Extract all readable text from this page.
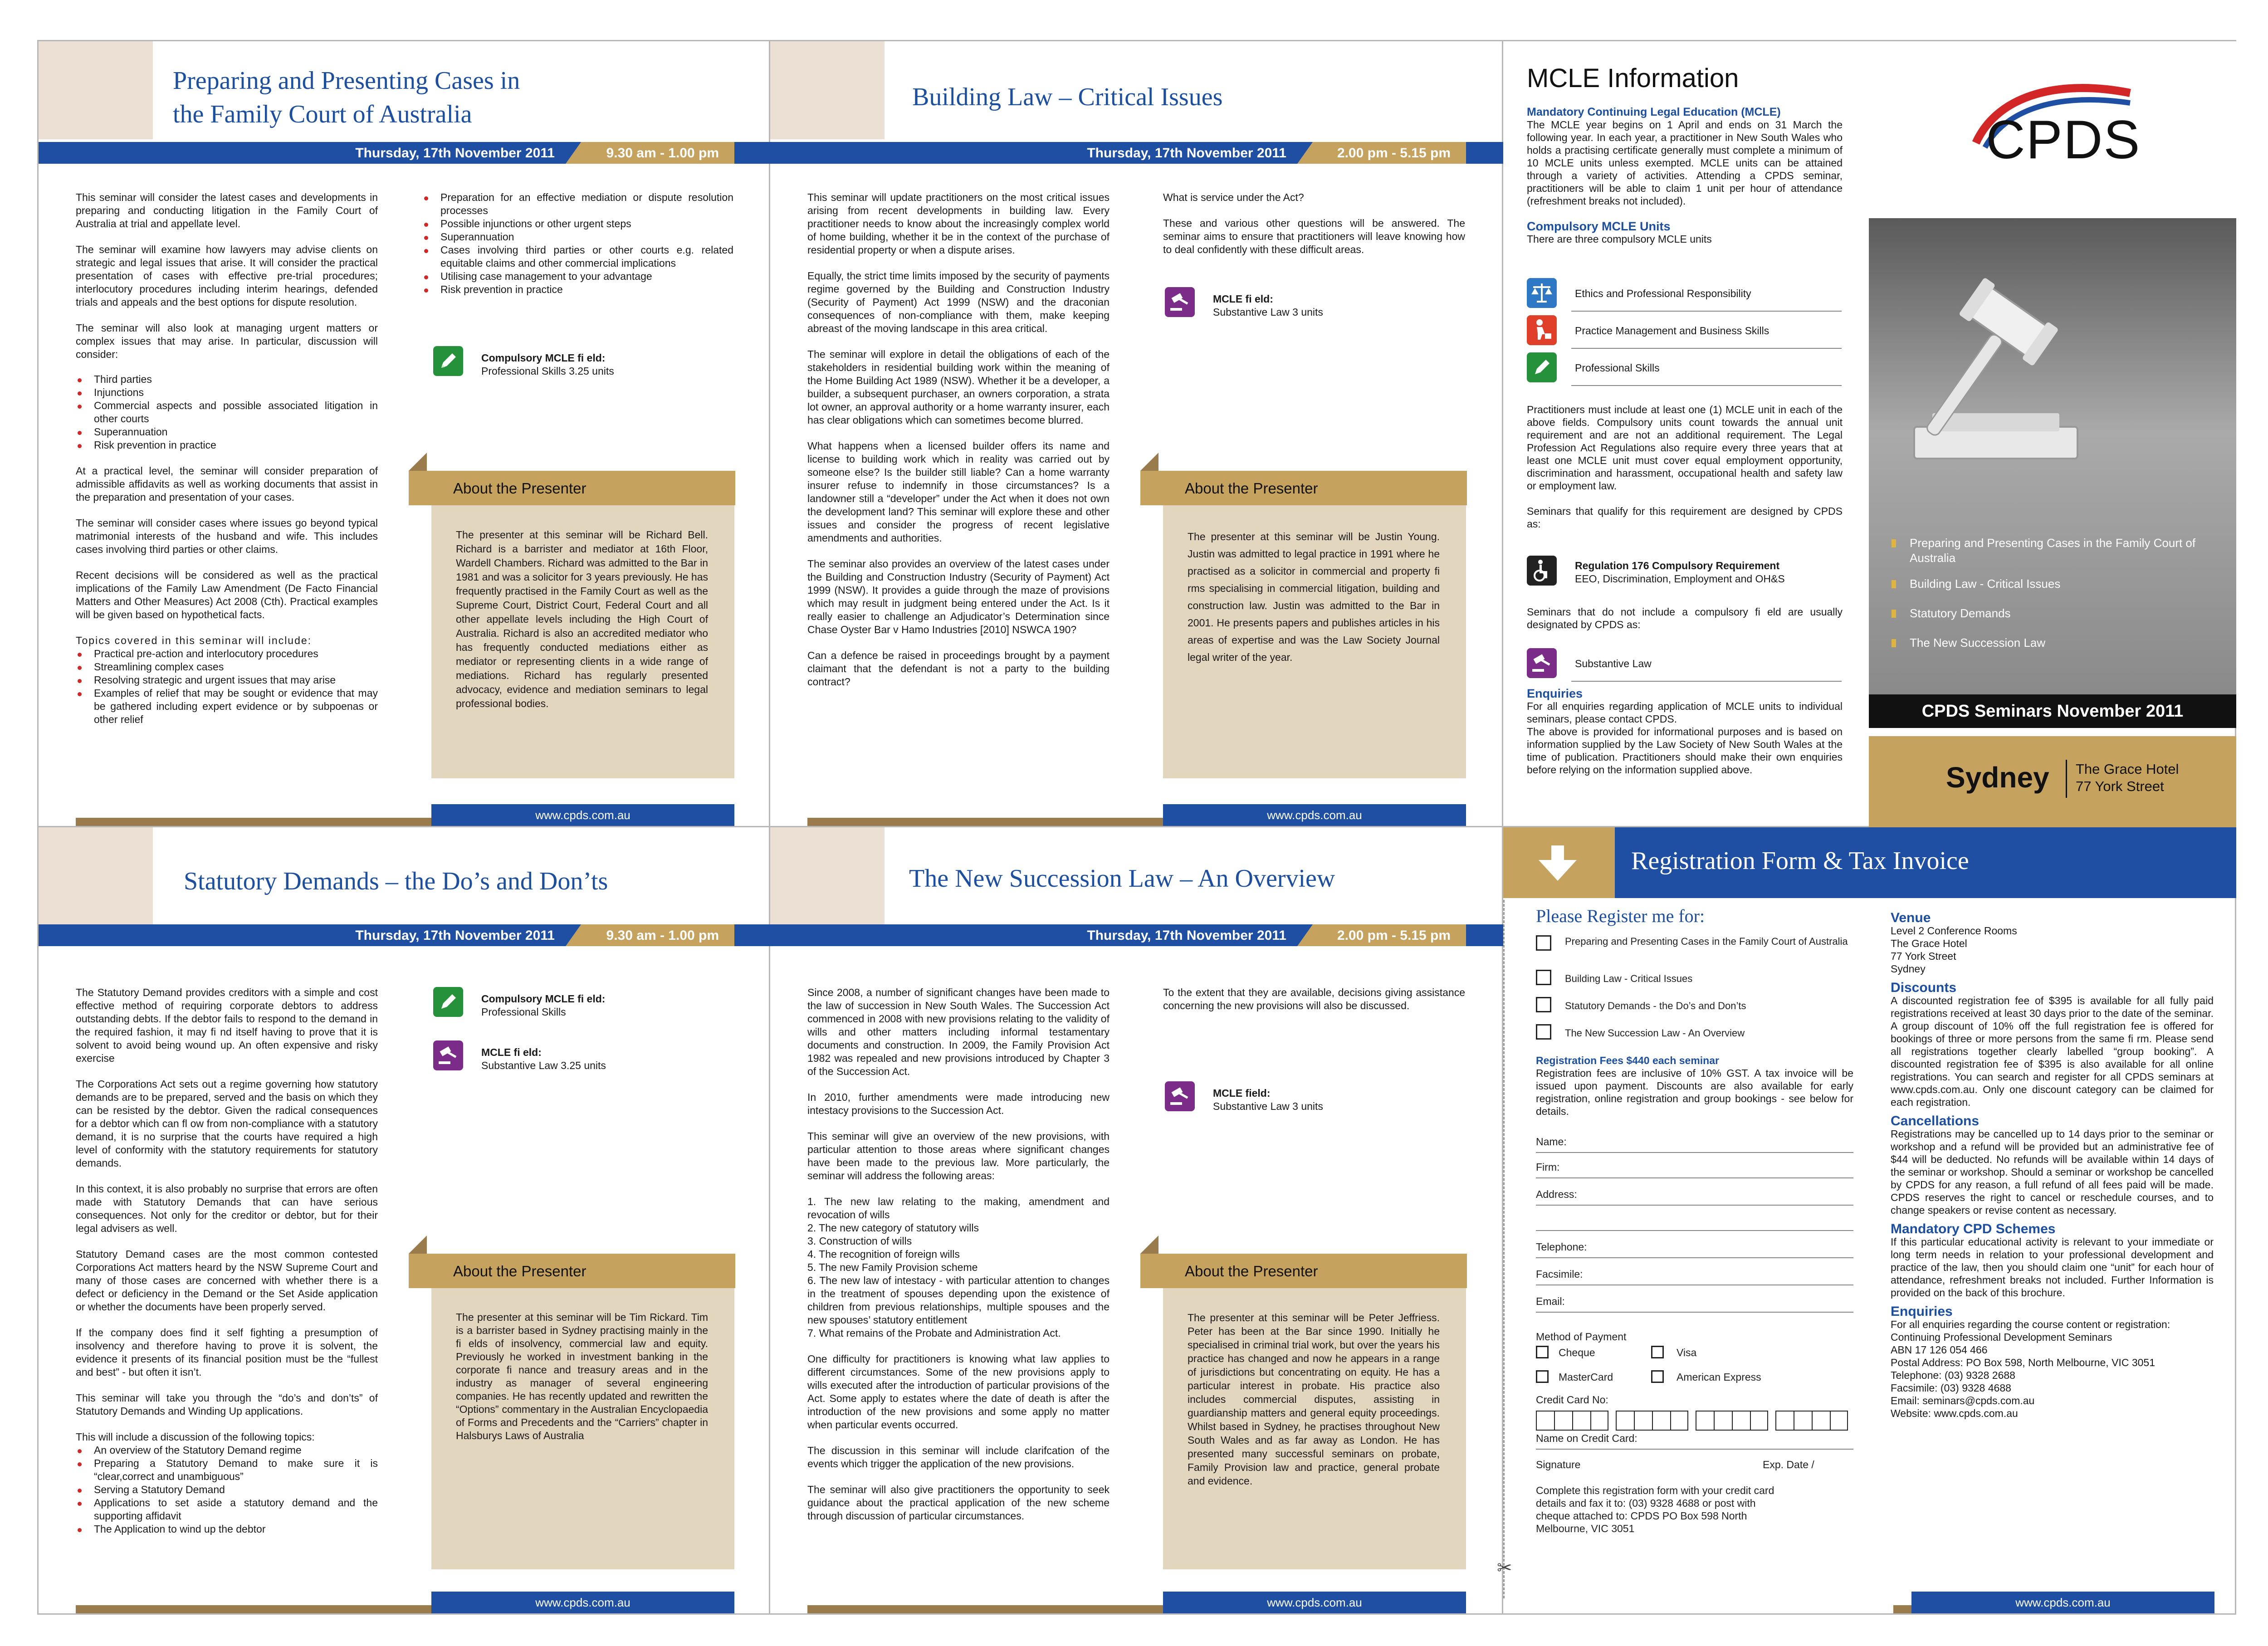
Preparing and Presenting Cases in
the Family Court of Australia
Thursday, 17th November 2011	9.30 am - 1.00 pm

This seminar will consider the latest cases and developments in preparing and conducting litigation in the Family Court of Australia at trial and appellate level.

The seminar will examine how lawyers may advise clients on strategic and legal issues that arise. It will consider the practical presentation of cases with effective pre-trial procedures; interlocutory procedures including interim hearings, defended trials and appeals and the best options for dispute resolution.

The seminar will also look at managing urgent matters or complex issues that may arise. In particular, discussion will consider:

Third parties
Injunctions
Commercial aspects and possible associated litigation in other courts
Superannuation
Risk prevention in practice

At a practical level, the seminar will consider preparation of admissible affidavits as well as working documents that assist in the preparation and presentation of your cases.

The seminar will consider cases where issues go beyond typical matrimonial interests of the husband and wife. This includes cases involving third parties or other claims.

Recent decisions will be considered as well as the practical implications of the Family Law Amendment (De Facto Financial Matters and Other Measures) Act 2008 (Cth). Practical examples will be given based on hypothetical facts.

Topics covered in this seminar will include:

Practical pre-action and interlocutory procedures
Streamlining complex cases
Resolving strategic and urgent issues that may arise
Examples of relief that may be sought or evidence that may be gathered including expert evidence or by subpoenas or other relief
Preparation for an effective mediation or dispute resolution processes
Possible injunctions or other urgent steps
Superannuation
Cases involving third parties or other courts e.g. related equitable claims and other commercial implications
Utilising case management to your advantage
Risk prevention in practice
Compulsory MCLE fi eld:
Professional Skills 3.25 units
About the Presenter
The presenter at this seminar will be Richard Bell. Richard is a barrister and mediator at 16th Floor, Wardell Chambers. Richard was admitted to the Bar in 1981 and was a solicitor for 3 years previously. He has frequently practised in the Family Court as well as the Supreme Court, District Court, Federal Court and all other appellate levels including the High Court of Australia. Richard is also an accredited mediator who has frequently conducted mediations either as mediator or representing clients in a wide range of mediations. Richard has regularly presented advocacy, evidence and mediation seminars to legal professional bodies.
www.cpds.com.au
Building Law – Critical Issues
Thursday, 17th November 2011	2.00 pm - 5.15 pm

This seminar will update practitioners on the most critical issues arising from recent developments in building law. Every practitioner needs to know about the increasingly complex world of home building, whether it be in the context of the purchase of residential property or when a dispute arises.

Equally, the strict time limits imposed by the security of payments regime governed by the Building and Construction Industry (Security of Payment) Act 1999 (NSW) and the draconian consequences of non-compliance with them, make keeping abreast of the moving landscape in this area critical.

The seminar will explore in detail the obligations of each of the stakeholders in residential building work within the meaning of the Home Building Act 1989 (NSW). Whether it be a developer, a builder, a subsequent purchaser, an owners corporation, a strata lot owner, an approval authority or a home warranty insurer, each has clear obligations which can sometimes become blurred.

What happens when a licensed builder offers its name and license to building work which in reality was carried out by someone else? Is the builder still liable? Can a home warranty insurer refuse to indemnify in those circumstances? Is a landowner still a “developer” under the Act when it does not own the development land? This seminar will explore these and other issues and consider the progress of recent legislative amendments and authorities.

The seminar also provides an overview of the latest cases under the Building and Construction Industry (Security of Payment) Act 1999 (NSW). It provides a guide through the maze of provisions which may result in judgment being entered under the Act. Is it really easier to challenge an Adjudicator’s Determination since Chase Oyster Bar v Hamo Industries [2010] NSWCA 190?

Can a defence be raised in proceedings brought by a payment claimant that the defendant is not a party to the building contract?

What is service under the Act?

These and various other questions will be answered. The seminar aims to ensure that practitioners will leave knowing how to deal confidently with these difficult areas.

MCLE fi eld:
Substantive Law 3 units
About the Presenter
The presenter at this seminar will be Justin Young. Justin was admitted to legal practice in 1991 where he practised as a solicitor in commercial and property fi rms specialising in commercial litigation, building and construction law. Justin was admitted to the Bar in 2001. He presents papers and publishes articles in his areas of expertise and was the Law Society Journal legal writer of the year.
www.cpds.com.au
MCLE Information
Mandatory Continuing Legal Education (MCLE)

The MCLE year begins on 1 April and ends on 31 March the following year. In each year, a practitioner in New South Wales who holds a practising certificate generally must complete a minimum of 10 MCLE units unless exempted. MCLE units can be attained through a variety of activities. Attending a CPDS seminar, practitioners will be able to claim 1 unit per hour of attendance (refreshment breaks not included).

Compulsory MCLE Units
There are three compulsory MCLE units
Ethics and Professional Responsibility
Practice Management and Business Skills
Professional Skills

Practitioners must include at least one (1) MCLE unit in each of the above fields. Compulsory units count towards the annual unit requirement and are not an additional requirement. The Legal Profession Act Regulations also require every three years that at least one MCLE unit must cover equal employment opportunity, discrimination and harassment, occupational health and safety law or employment law.

Seminars that qualify for this requirement are designed by CPDS as:

Regulation 176 Compulsory Requirement
EEO, Discrimination, Employment and OH&S
Seminars that do not include a compulsory fi eld are usually designated by CPDS as:
Substantive Law
Enquiries
For all enquiries regarding application of MCLE units to individual seminars, please contact CPDS.
The above is provided for informational purposes and is based on information supplied by the Law Society of New South Wales at the time of publication. Practitioners should make their own enquiries before relying on the information supplied above.
CPDS
Preparing and Presenting Cases in the Family Court of Australia
Building Law - Critical Issues
Statutory Demands
The New Succession Law
CPDS Seminars November 2011
Sydney The Grace Hotel
77 York Street
Statutory Demands – the Do’s and Don’ts
Thursday, 17th November 2011	9.30 am - 1.00 pm

The Statutory Demand provides creditors with a simple and cost effective method of requiring corporate debtors to address outstanding debts. If the debtor fails to respond to the demand in the required fashion, it may fi nd itself having to prove that it is solvent to avoid being wound up. An often expensive and risky exercise

The Corporations Act sets out a regime governing how statutory demands are to be prepared, served and the basis on which they can be resisted by the debtor. Given the radical consequences for a debtor which can fl ow from non-compliance with a statutory demand, it is no surprise that the courts have required a high level of conformity with the statutory requirements for statutory demands.

In this context, it is also probably no surprise that errors are often made with Statutory Demands that can have serious consequences. Not only for the creditor or debtor, but for their legal advisers as well.

Statutory Demand cases are the most common contested Corporations Act matters heard by the NSW Supreme Court and many of those cases are concerned with whether there is a defect or deficiency in the Demand or the Set Aside application or whether the documents have been properly served.

If the company does find it self fighting a presumption of insolvency and therefore having to prove it is solvent, the evidence it presents of its financial position must be the “fullest and best” - but often it isn’t.

This seminar will take you through the “do’s and don’ts” of Statutory Demands and Winding Up applications.

This will include a discussion of the following topics:

An overview of the Statutory Demand regime
Preparing a Statutory Demand to make sure it is “clear,correct and unambiguous”
Serving a Statutory Demand
Applications to set aside a statutory demand and the supporting affidavit
The Application to wind up the debtor
Compulsory MCLE fi eld:
Professional Skills
MCLE fi eld:
Substantive Law 3.25 units
About the Presenter
The presenter at this seminar will be Tim Rickard. Tim is a barrister based in Sydney practising mainly in the fi elds of insolvency, commercial law and equity. Previously he worked in investment banking in the corporate fi nance and treasury areas and in the industry as manager of several engineering companies. He has recently updated and rewritten the “Options” commentary in the Australian Encyclopaedia of Forms and Precedents and the “Carriers” chapter in Halsburys Laws of Australia
www.cpds.com.au
The New Succession Law – An Overview
Thursday, 17th November 2011	2.00 pm - 5.15 pm

Since 2008, a number of significant changes have been made to the law of succession in New South Wales. The Succession Act commenced in 2008 with new provisions relating to the validity of wills and other matters including informal testamentary documents and construction. In 2009, the Family Provision Act 1982 was repealed and new provisions introduced by Chapter 3 of the Succession Act.

In 2010, further amendments were made introducing new intestacy provisions to the Succession Act.

This seminar will give an overview of the new provisions, with particular attention to those areas where significant changes have been made to the previous law. More particularly, the seminar will address the following areas:

1. The new law relating to the making, amendment and revocation of wills
2. The new category of statutory wills
3. Construction of wills
4. The recognition of foreign wills
5. The new Family Provision scheme
6. The new law of intestacy - with particular attention to changes in the treatment of spouses depending upon the existence of children from previous relationships, multiple spouses and the new spouses’ statutory entitlement
7. What remains of the Probate and Administration Act.

One difficulty for practitioners is knowing what law applies to different circumstances. Some of the new provisions apply to wills executed after the introduction of particular provisions of the Act. Some apply to estates where the date of death is after the introduction of the new provisions and some apply no matter when particular events occurred.

The discussion in this seminar will include clarifcation of the events which trigger the application of the new provisions.

The seminar will also give practitioners the opportunity to seek guidance about the practical application of the new scheme through discussion of particular circumstances.

To the extent that they are available, decisions giving assistance concerning the new provisions will also be discussed.
MCLE field:
Substantive Law 3 units
About the Presenter
The presenter at this seminar will be Peter Jeffriess. Peter has been at the Bar since 1990. Initially he specialised in criminal trial work, but over the years his practice has changed and now he appears in a range of jurisdictions but concentrating on equity. He has a particular interest in probate. His practice also includes commercial disputes, assisting in guardianship matters and general equity proceedings. Whilst based in Sydney, he practises throughout New South Wales and as far away as London. He has presented many successful seminars on probate, Family Provision law and practice, general probate and evidence.
www.cpds.com.au
Registration Form & Tax Invoice
✂
Please Register me for:
Preparing and Presenting Cases in the Family Court of Australia
Building Law - Critical Issues
Statutory Demands - the Do’s and Don’ts
The New Succession Law - An Overview
Registration Fees $440 each seminar
Registration fees are inclusive of 10% GST. A tax invoice will be issued upon payment. Discounts are also available for early registration, online registration and group bookings - see below for details.
Name:
Firm:
Address:
Telephone:
Facsimile:
Email:
Method of Payment
Cheque	Visa
MasterCard	American Express
Credit Card No:
Name on Credit Card:
Signature	Exp. Date /
Complete this registration form with your credit card details and fax it to: (03) 9328 4688 or post with cheque attached to: CPDS PO Box 598 North Melbourne, VIC 3051
Venue
Level 2 Conference Rooms
The Grace Hotel
77 York Street
Sydney
Discounts

A discounted registration fee of $395 is available for all fully paid registrations received at least 30 days prior to the date of the seminar. A group discount of 10% off the full registration fee is offered for bookings of three or more persons from the same fi rm. Please send all registrations together clearly labelled “group booking”. A discounted registration fee of $395 is also available for all online registrations. You can search and register for all CPDS seminars at www.cpds.com.au. Only one discount category can be claimed for each registration.

Cancellations

Registrations may be cancelled up to 14 days prior to the seminar or workshop and a refund will be provided but an administrative fee of $44 will be deducted. No refunds will be available within 14 days of the seminar or workshop. Should a seminar or workshop be cancelled by CPDS for any reason, a full refund of all fees paid will be made. CPDS reserves the right to cancel or reschedule courses, and to change speakers or revise content as necessary.

Mandatory CPD Schemes

If this particular educational activity is relevant to your immediate or long term needs in relation to your professional development and practice of the law, then you should claim one “unit” for each hour of attendance, refreshment breaks not included. Further Information is provided on the back of this brochure.

Enquiries
For all enquiries regarding the course content or registration:
Continuing Professional Development Seminars
ABN 17 126 054 466
Postal Address: PO Box 598, North Melbourne, VIC 3051
Telephone: (03) 9328 2688
Facsimile: (03) 9328 4688
Email: seminars@cpds.com.au
Website: www.cpds.com.au
www.cpds.com.au
